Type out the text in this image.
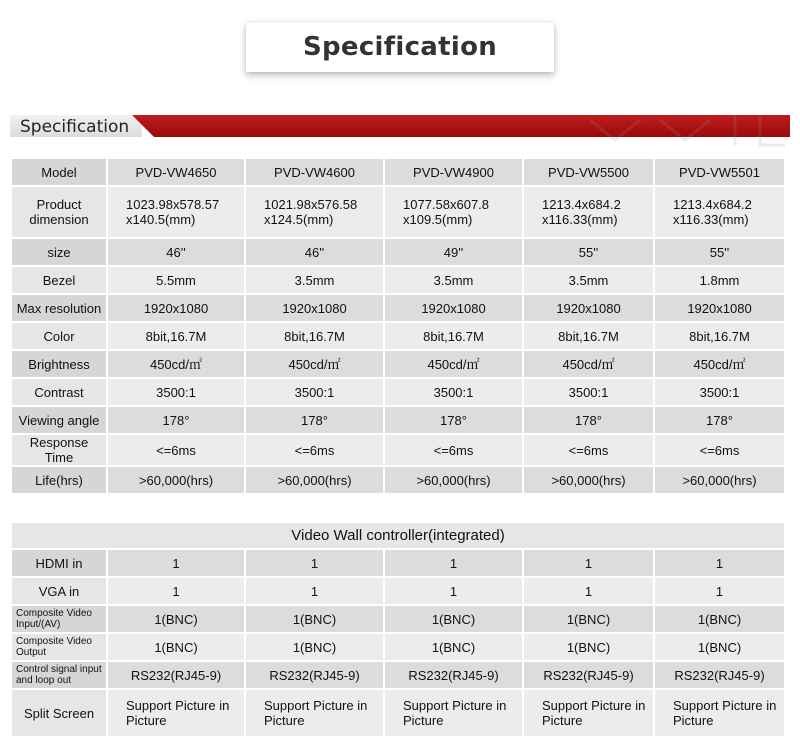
Specification
Specification
Model	PVD-VW4650	PVD-VW4600	PVD-VW4900	PVD-VW5500	PVD-VW5501
Product dimension	1023.98x578.57 x140.5(mm)	1021.98x576.58 x124.5(mm)	1077.58x607.8 x109.5(mm)	1213.4x684.2 x116.33(mm)	1213.4x684.2 x116.33(mm)
size	46''	46''	49''	55''	55''
Bezel	5.5mm	3.5mm	3.5mm	3.5mm	1.8mm
Max resolution	1920x1080	1920x1080	1920x1080	1920x1080	1920x1080
Color	8bit,16.7M	8bit,16.7M	8bit,16.7M	8bit,16.7M	8bit,16.7M
Brightness	450cd/㎡	450cd/㎡	450cd/㎡	450cd/㎡	450cd/㎡
Contrast	3500:1	3500:1	3500:1	3500:1	3500:1
Viewing angle	178°	178°	178°	178°	178°
Response Time	<=6ms	<=6ms	<=6ms	<=6ms	<=6ms
Life(hrs)	>60,000(hrs)	>60,000(hrs)	>60,000(hrs)	>60,000(hrs)	>60,000(hrs)
Video Wall controller(integrated)					
HDMI in	1	1	1	1	1
VGA in	1	1	1	1	1
Composite Video Input/(AV)	1(BNC)	1(BNC)	1(BNC)	1(BNC)	1(BNC)
Composite Video Output	1(BNC)	1(BNC)	1(BNC)	1(BNC)	1(BNC)
Control signal input and loop out	RS232(RJ45-9)	RS232(RJ45-9)	RS232(RJ45-9)	RS232(RJ45-9)	RS232(RJ45-9)
Split Screen	Support Picture in Picture	Support Picture in Picture	Support Picture in Picture	Support Picture in Picture	Support Picture in Picture
